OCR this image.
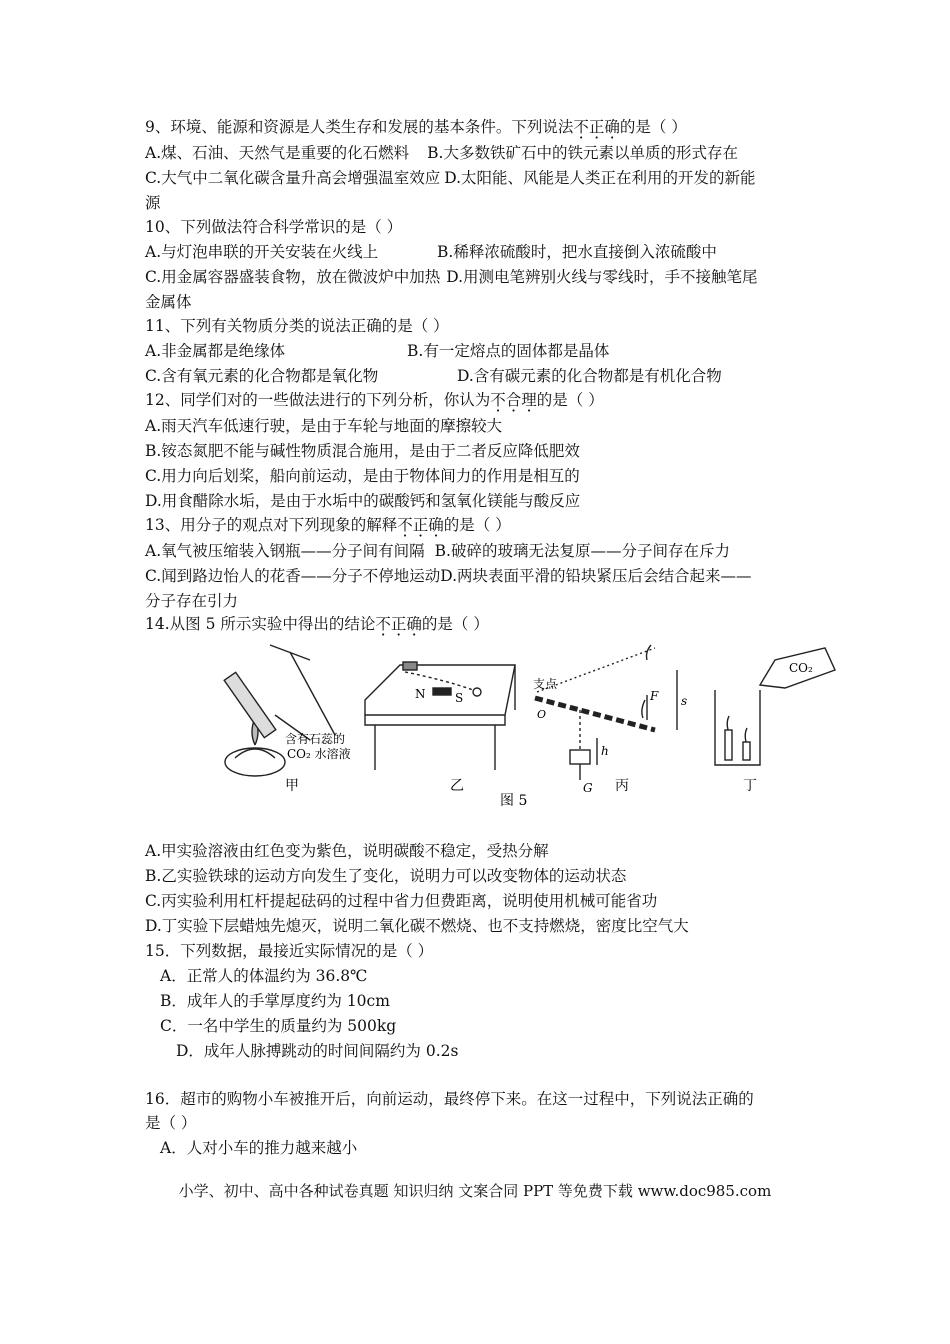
9、环境、能源和资源是人类生存和发展的基本条件。下列说法不正确的是（ ）
A.煤、石油、天然气是重要的化石燃料 B.大多数铁矿石中的铁元素以单质的形式存在
C.大气中二氧化碳含量升高会增强温室效应 D.太阳能、风能是人类正在利用的开发的新能
源
10、下列做法符合科学常识的是（ ）
A.与灯泡串联的开关安装在火线上	B.稀释浓硫酸时，把水直接倒入浓硫酸中
C.用金属容器盛装食物，放在微波炉中加热 D.用测电笔辨别火线与零线时，手不接触笔尾
金属体
11、下列有关物质分类的说法正确的是（ ）
A.非金属都是绝缘体	B.有一定熔点的固体都是晶体
C.含有氧元素的化合物都是氧化物	D.含有碳元素的化合物都是有机化合物
12、同学们对的一些做法进行的下列分析，你认为不合理的是（ ）
A.雨天汽车低速行驶，是由于车轮与地面的摩擦较大
B.铵态氮肥不能与碱性物质混合施用，是由于二者反应降低肥效
C.用力向后划桨，船向前运动，是由于物体间力的作用是相互的
D.用食醋除水垢，是由于水垢中的碳酸钙和氢氧化镁能与酸反应
13、用分子的观点对下列现象的解释不正确的是（ ）
A.氧气被压缩装入钢瓶——分子间有间隔 B.破碎的玻璃无法复原——分子间存在斥力
C.闻到路边怡人的花香——分子不停地运动D.两块表面平滑的铅块紧压后会结合起来——
分子存在引力
14.从图 5 所示实验中得出的结论不正确的是（ ）
含有石蕊的
CO₂ 水溶液
N S
支点
O
F s
h
G
CO₂
甲	乙	丙	丁
图 5
A.甲实验溶液由红色变为紫色，说明碳酸不稳定，受热分解
B.乙实验铁球的运动方向发生了变化，说明力可以改变物体的运动状态
C.丙实验利用杠杆提起砝码的过程中省力但费距离，说明使用机械可能省功
D.丁实验下层蜡烛先熄灭，说明二氧化碳不燃烧、也不支持燃烧，密度比空气大
15．下列数据，最接近实际情况的是（ ）
A．正常人的体温约为 36.8℃
B．成年人的手掌厚度约为 10cm
C．一名中学生的质量约为 500kg
D．成年人脉搏跳动的时间间隔约为 0.2s
16．超市的购物小车被推开后，向前运动，最终停下来。在这一过程中，下列说法正确的
是（ ）
A．人对小车的推力越来越小
小学、初中、高中各种试卷真题 知识归纳 文案合同 PPT 等免费下载 www.doc985.com
